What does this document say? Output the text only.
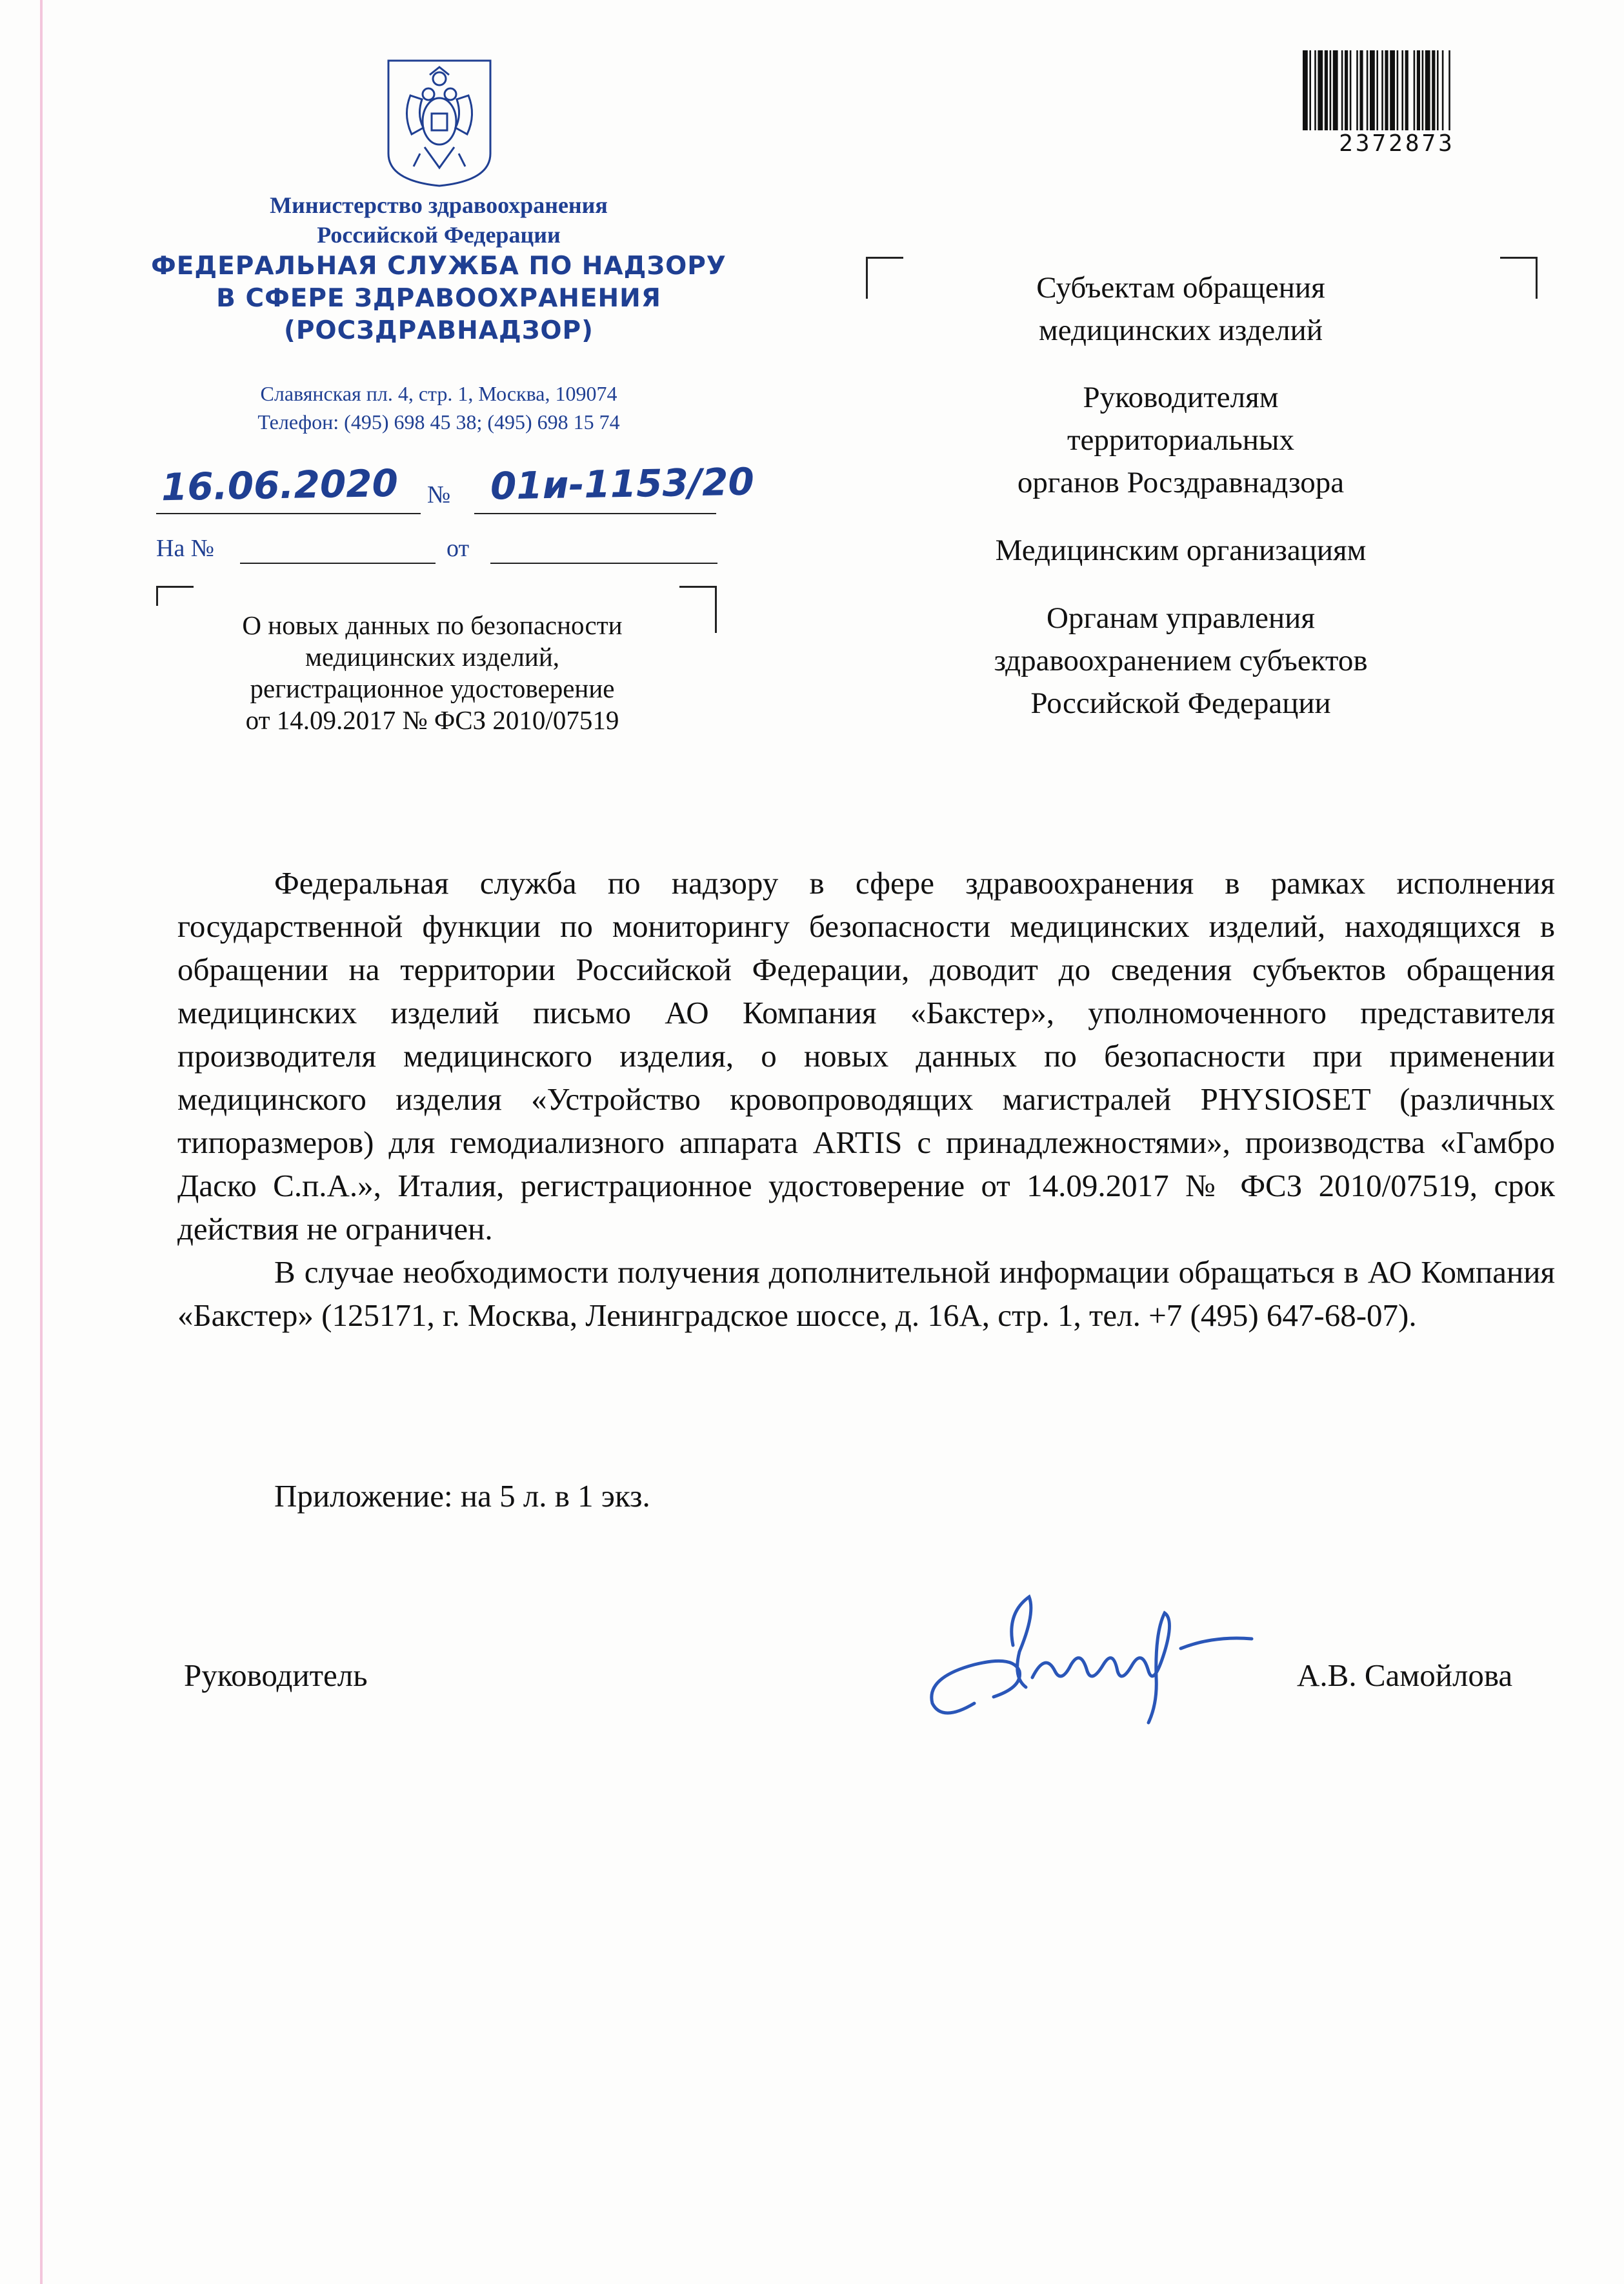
2372873
Министерство здравоохранения
Российской Федерации
ФЕДЕРАЛЬНАЯ СЛУЖБА ПО НАДЗОРУ
В СФЕРЕ ЗДРАВООХРАНЕНИЯ
(РОСЗДРАВНАДЗОР)
Славянская пл. 4, стр. 1, Москва, 109074
Телефон: (495) 698 45 38; (495) 698 15 74
16.06.2020 № 01и-1153/20
На №	от
О новых данных по безопасности
медицинских изделий,
регистрационное удостоверение
от 14.09.2017 № ФСЗ 2010/07519
Субъектам обращения
медицинских изделий
Руководителям
территориальных
органов Росздравнадзора
Медицинским организациям
Органам управления
здравоохранением субъектов
Российской Федерации

Федеральная служба по надзору в сфере здравоохранения в рамках исполнения государственной функции по мониторингу безопасности медицинских изделий, находящихся в обращении на территории Российской Федерации, доводит до сведения субъектов обращения медицинских изделий письмо АО Компания «Бакстер», уполномоченного представителя производителя медицинского изделия, о новых данных по безопасности при применении медицинского изделия «Устройство кровопроводящих магистралей PHYSIOSET (различных типоразмеров) для гемодиализного аппарата ARTIS с принадлежностями», производства «Гамбро Даско С.п.А.», Италия, регистрационное удостоверение от 14.09.2017 № ФСЗ 2010/07519, срок действия не ограничен.

В случае необходимости получения дополнительной информации обращаться в АО Компания «Бакстер» (125171, г. Москва, Ленинградское шоссе, д. 16А, стр. 1, тел. +7 (495) 647-68-07).

Приложение: на 5 л. в 1 экз.
Руководитель	А.В. Самойлова
